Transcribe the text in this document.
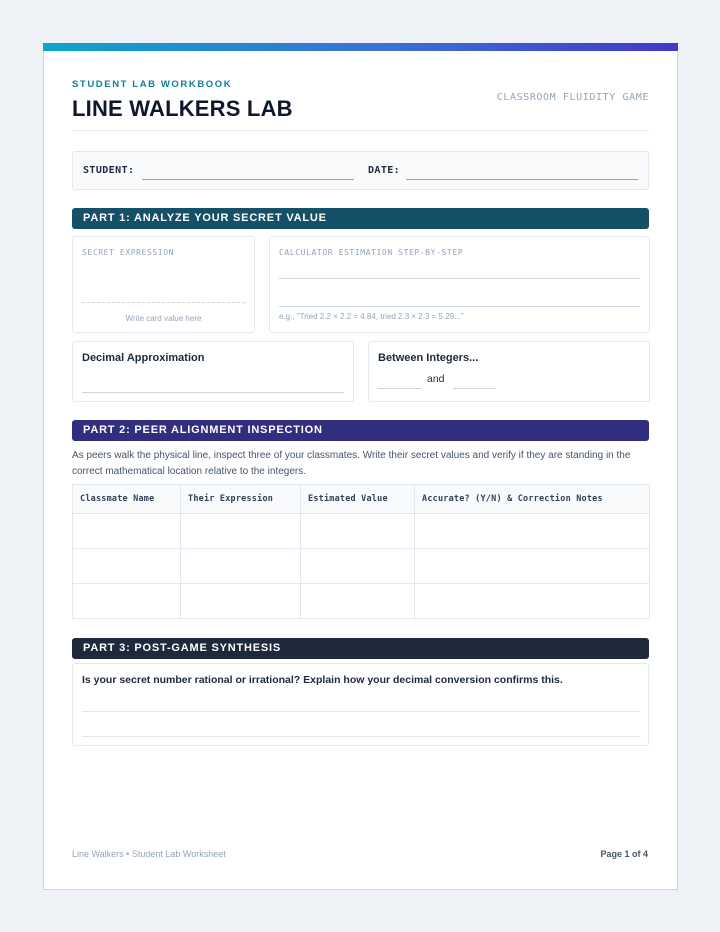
STUDENT LAB WORKBOOK
LINE WALKERS LAB	CLASSROOM FLUIDITY GAME
STUDENT:	DATE:
PART 1: ANALYZE YOUR SECRET VALUE
SECRET EXPRESSION
Write card value here
CALCULATOR ESTIMATION STEP-BY-STEP
e.g., "Tried 2.2 × 2.2 = 4.84, tried 2.3 × 2.3 = 5.29..."
Decimal Approximation	Between Integers...
and
PART 2: PEER ALIGNMENT INSPECTION
As peers walk the physical line, inspect three of your classmates. Write their secret values and verify if they are standing in the correct mathematical location relative to the integers.
Classmate Name	Their Expression	Estimated Value	Accurate? (Y/N) & Correction Notes

PART 3: POST-GAME SYNTHESIS
Is your secret number rational or irrational? Explain how your decimal conversion confirms this.
Line Walkers • Student Lab Worksheet	Page 1 of 4
